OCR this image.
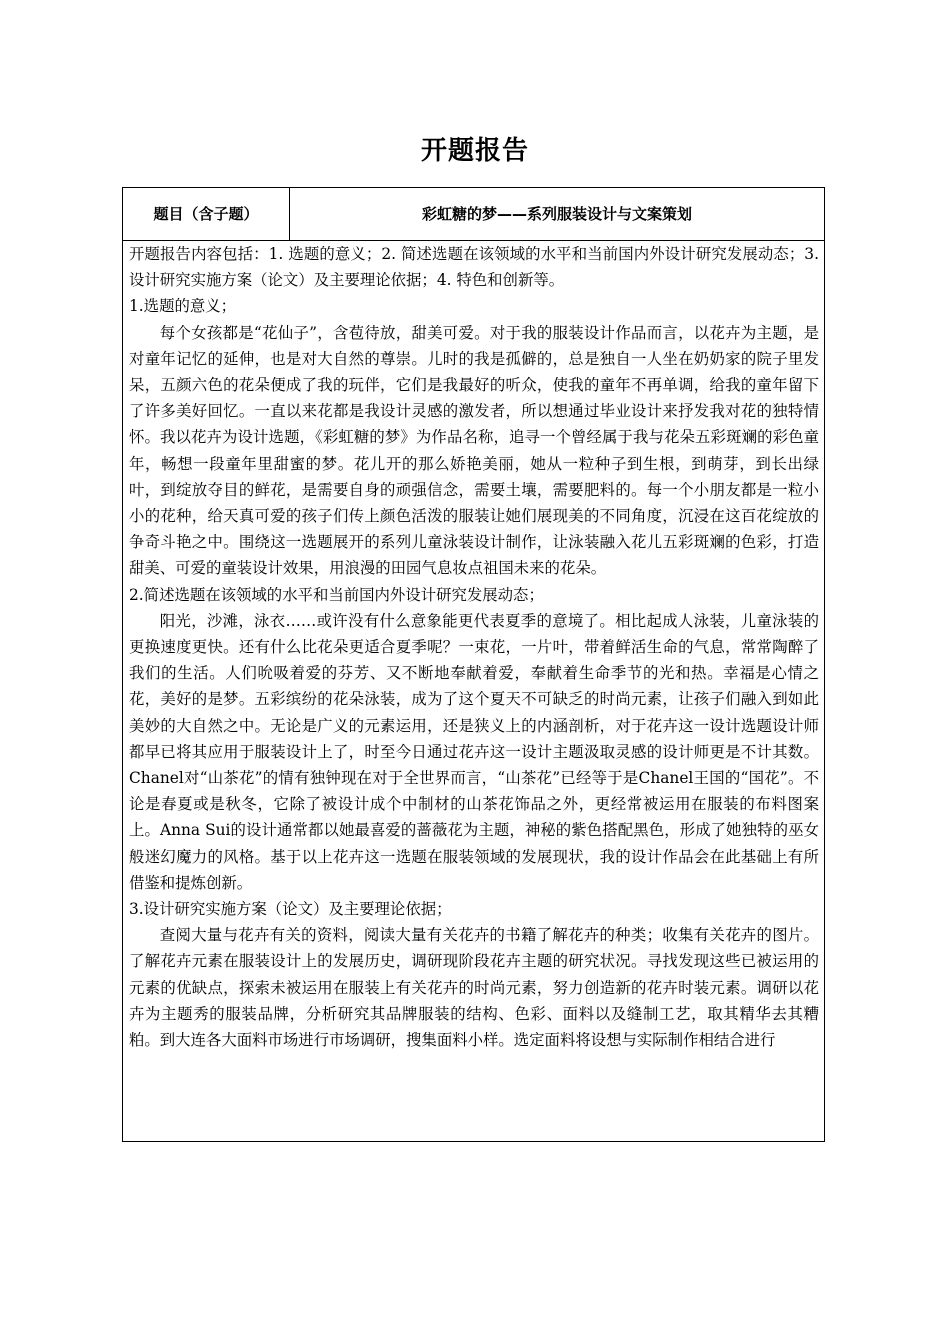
开题报告
题目（含子题）	彩虹糖的梦——系列服装设计与文案策划

开题报告内容包括：1. 选题的意义；2. 简述选题在该领域的水平和当前国内外设计研究发展动态；3. 设计研究实施方案（论文）及主要理论依据；4. 特色和创新等。

1.选题的意义；

每个女孩都是“花仙子”，含苞待放，甜美可爱。对于我的服装设计作品而言，以花卉为主题，是对童年记忆的延伸，也是对大自然的尊崇。儿时的我是孤僻的，总是独自一人坐在奶奶家的院子里发呆，五颜六色的花朵便成了我的玩伴，它们是我最好的听众，使我的童年不再单调，给我的童年留下了许多美好回忆。一直以来花都是我设计灵感的激发者，所以想通过毕业设计来抒发我对花的独特情怀。我以花卉为设计选题，《彩虹糖的梦》为作品名称，追寻一个曾经属于我与花朵五彩斑斓的彩色童年，畅想一段童年里甜蜜的梦。花儿开的那么娇艳美丽，她从一粒种子到生根，到萌芽，到长出绿叶，到绽放夺目的鲜花，是需要自身的顽强信念，需要土壤，需要肥料的。每一个小朋友都是一粒小小的花种，给天真可爱的孩子们传上颜色活泼的服装让她们展现美的不同角度，沉浸在这百花绽放的争奇斗艳之中。围绕这一选题展开的系列儿童泳装设计制作，让泳装融入花儿五彩斑斓的色彩，打造甜美、可爱的童装设计效果，用浪漫的田园气息妆点祖国未来的花朵。

2.简述选题在该领域的水平和当前国内外设计研究发展动态；

阳光，沙滩，泳衣……或许没有什么意象能更代表夏季的意境了。相比起成人泳装，儿童泳装的更换速度更快。还有什么比花朵更适合夏季呢？一束花，一片叶，带着鲜活生命的气息，常常陶醉了我们的生活。人们吮吸着爱的芬芳、又不断地奉献着爱，奉献着生命季节的光和热。幸福是心情之花，美好的是梦。五彩缤纷的花朵泳装，成为了这个夏天不可缺乏的时尚元素，让孩子们融入到如此美妙的大自然之中。无论是广义的元素运用，还是狭义上的内涵剖析，对于花卉这一设计选题设计师都早已将其应用于服装设计上了，时至今日通过花卉这一设计主题汲取灵感的设计师更是不计其数。Chanel对“山茶花”的情有独钟现在对于全世界而言，“山茶花”已经等于是Chanel王国的“国花”。不论是春夏或是秋冬，它除了被设计成个中制材的山茶花饰品之外，更经常被运用在服装的布料图案上。Anna Sui的设计通常都以她最喜爱的蔷薇花为主题，神秘的紫色搭配黑色，形成了她独特的巫女般迷幻魔力的风格。基于以上花卉这一选题在服装领域的发展现状，我的设计作品会在此基础上有所借鉴和提炼创新。

3.设计研究实施方案（论文）及主要理论依据；

查阅大量与花卉有关的资料，阅读大量有关花卉的书籍了解花卉的种类；收集有关花卉的图片。了解花卉元素在服装设计上的发展历史，调研现阶段花卉主题的研究状况。寻找发现这些已被运用的元素的优缺点，探索未被运用在服装上有关花卉的时尚元素，努力创造新的花卉时装元素。调研以花卉为主题秀的服装品牌，分析研究其品牌服装的结构、色彩、面料以及缝制工艺，取其精华去其糟粕。到大连各大面料市场进行市场调研，搜集面料小样。选定面料将设想与实际制作相结合进行
